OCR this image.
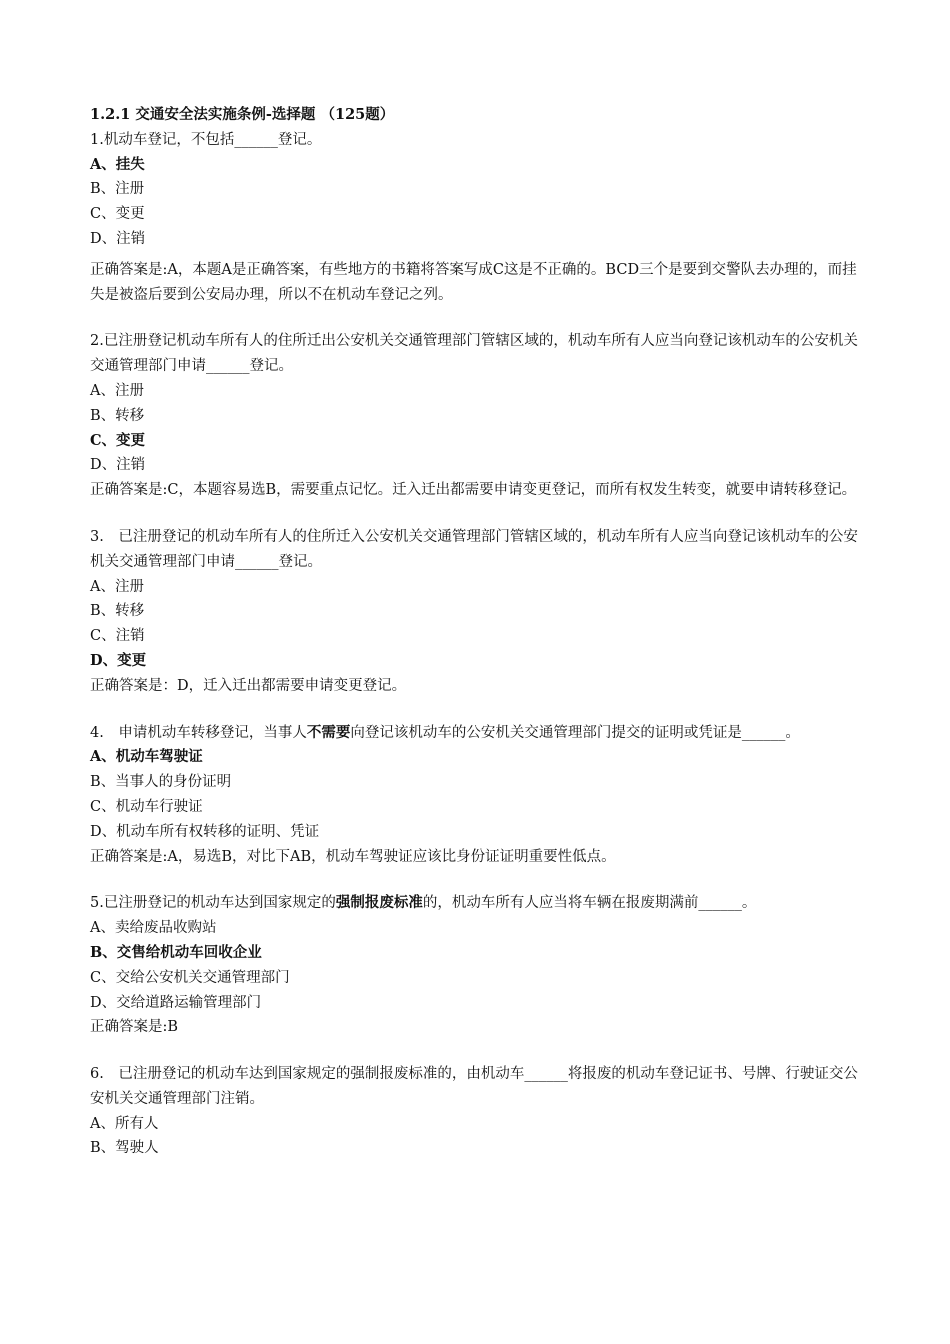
1.2.1 交通安全法实施条例-选择题 （125题）
1.机动车登记，不包括______登记。
A、挂失
B、注册
C、变更
D、注销
正确答案是:A，本题A是正确答案，有些地方的书籍将答案写成C这是不正确的。BCD三个是要到交警队去办理的，而挂失是被盗后要到公安局办理，所以不在机动车登记之列。
2.已注册登记机动车所有人的住所迁出公安机关交通管理部门管辖区域的，机动车所有人应当向登记该机动车的公安机关交通管理部门申请______登记。
A、注册
B、转移
C、变更
D、注销
正确答案是:C，本题容易选B，需要重点记忆。迁入迁出都需要申请变更登记，而所有权发生转变，就要申请转移登记。
3.　已注册登记的机动车所有人的住所迁入公安机关交通管理部门管辖区域的，机动车所有人应当向登记该机动车的公安机关交通管理部门申请______登记。
A、注册
B、转移
C、注销
D、变更
正确答案是：D，迁入迁出都需要申请变更登记。
4.　申请机动车转移登记，当事人不需要向登记该机动车的公安机关交通管理部门提交的证明或凭证是______。
A、机动车驾驶证
B、当事人的身份证明
C、机动车行驶证
D、机动车所有权转移的证明、凭证
正确答案是:A，易选B，对比下AB，机动车驾驶证应该比身份证证明重要性低点。
5.已注册登记的机动车达到国家规定的强制报废标准的，机动车所有人应当将车辆在报废期满前______。
A、卖给废品收购站
B、交售给机动车回收企业
C、交给公安机关交通管理部门
D、交给道路运输管理部门
正确答案是:B
6.　已注册登记的机动车达到国家规定的强制报废标准的，由机动车______将报废的机动车登记证书、号牌、行驶证交公安机关交通管理部门注销。
A、所有人
B、驾驶人
